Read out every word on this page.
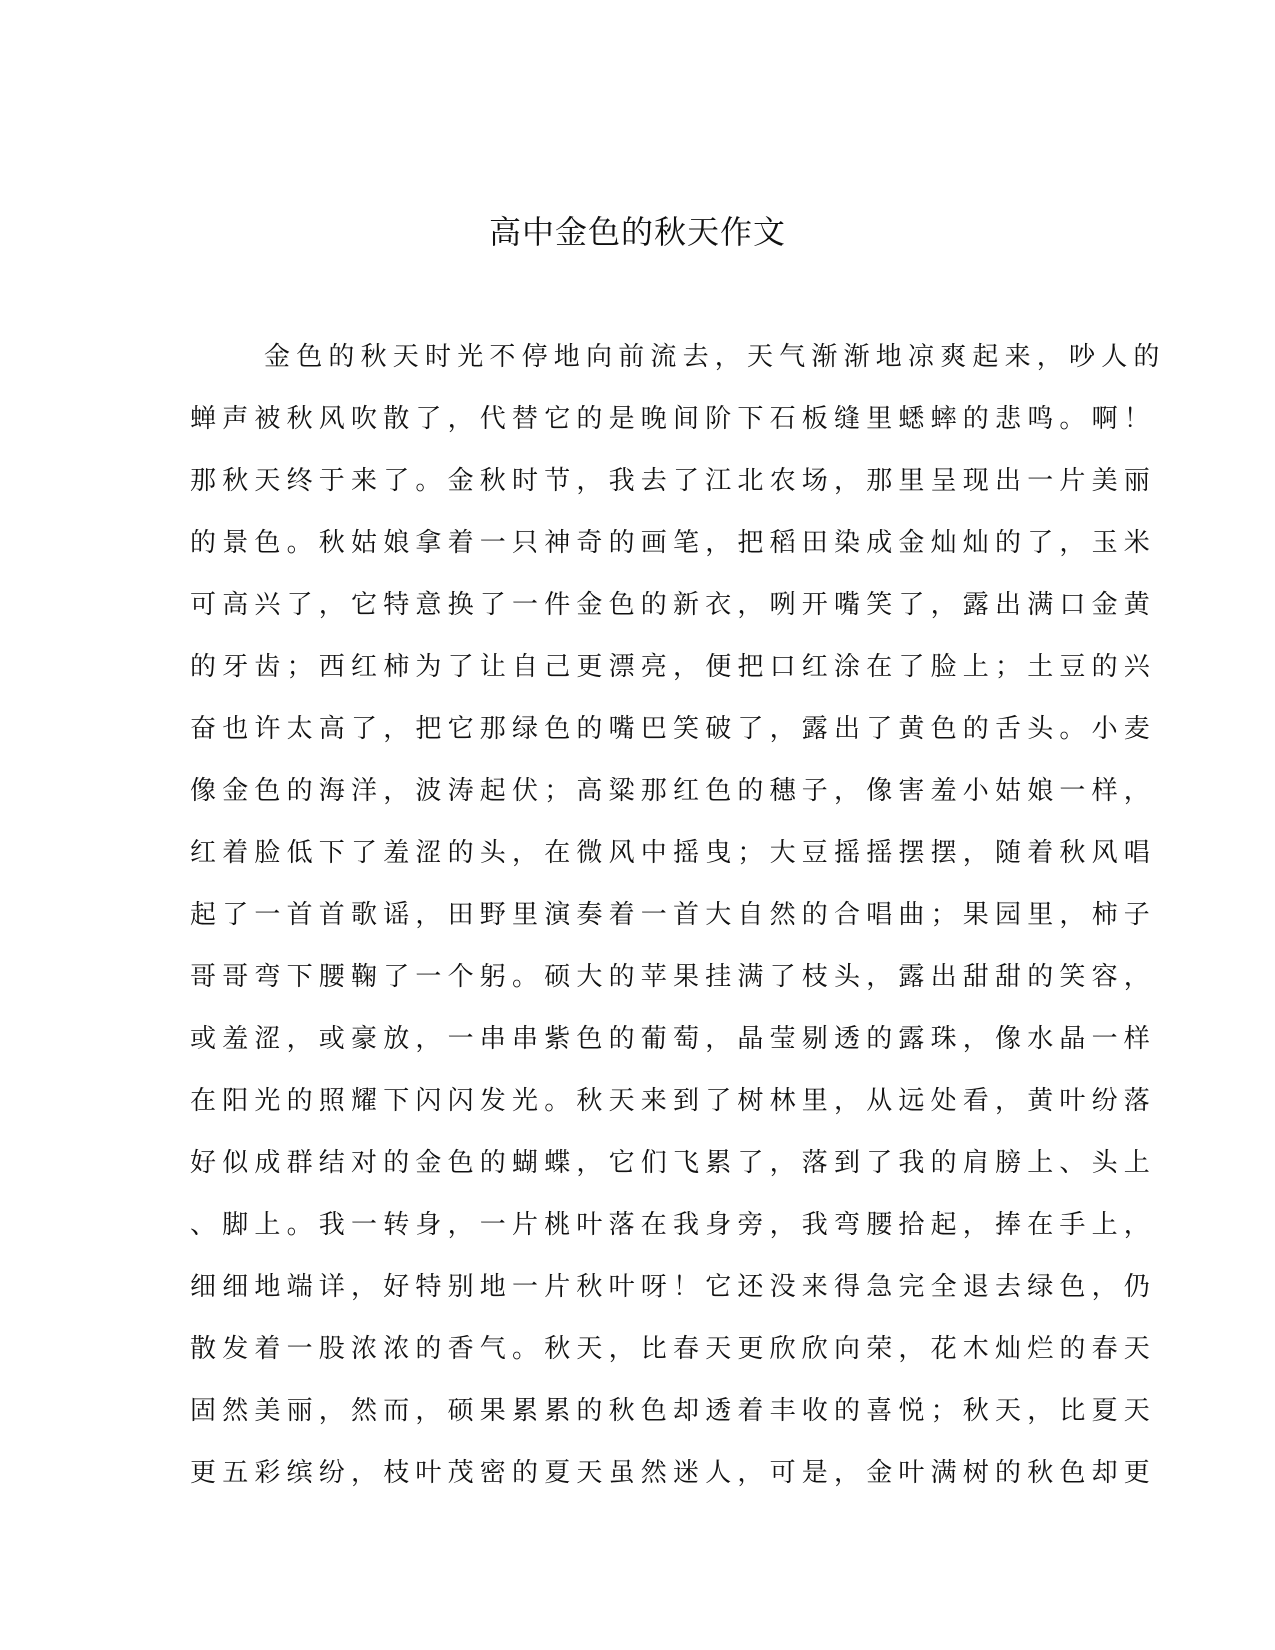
高中金色的秋天作文
金色的秋天时光不停地向前流去，天气渐渐地凉爽起来，吵人的
蝉声被秋风吹散了，代替它的是晚间阶下石板缝里蟋蟀的悲鸣。啊！
那秋天终于来了。金秋时节，我去了江北农场，那里呈现出一片美丽
的景色。秋姑娘拿着一只神奇的画笔，把稻田染成金灿灿的了，玉米
可高兴了，它特意换了一件金色的新衣，咧开嘴笑了，露出满口金黄
的牙齿；西红柿为了让自己更漂亮，便把口红涂在了脸上；土豆的兴
奋也许太高了，把它那绿色的嘴巴笑破了，露出了黄色的舌头。小麦
像金色的海洋，波涛起伏；高粱那红色的穗子，像害羞小姑娘一样，
红着脸低下了羞涩的头，在微风中摇曳；大豆摇摇摆摆，随着秋风唱
起了一首首歌谣，田野里演奏着一首大自然的合唱曲；果园里，柿子
哥哥弯下腰鞠了一个躬。硕大的苹果挂满了枝头，露出甜甜的笑容，
或羞涩，或豪放，一串串紫色的葡萄，晶莹剔透的露珠，像水晶一样
在阳光的照耀下闪闪发光。秋天来到了树林里，从远处看，黄叶纷落
好似成群结对的金色的蝴蝶，它们飞累了，落到了我的肩膀上、头上
、脚上。我一转身，一片桃叶落在我身旁，我弯腰拾起，捧在手上，
细细地端详，好特别地一片秋叶呀！它还没来得急完全退去绿色，仍
散发着一股浓浓的香气。秋天，比春天更欣欣向荣，花木灿烂的春天
固然美丽，然而，硕果累累的秋色却透着丰收的喜悦；秋天，比夏天
更五彩缤纷，枝叶茂密的夏天虽然迷人，可是，金叶满树的秋色却更
